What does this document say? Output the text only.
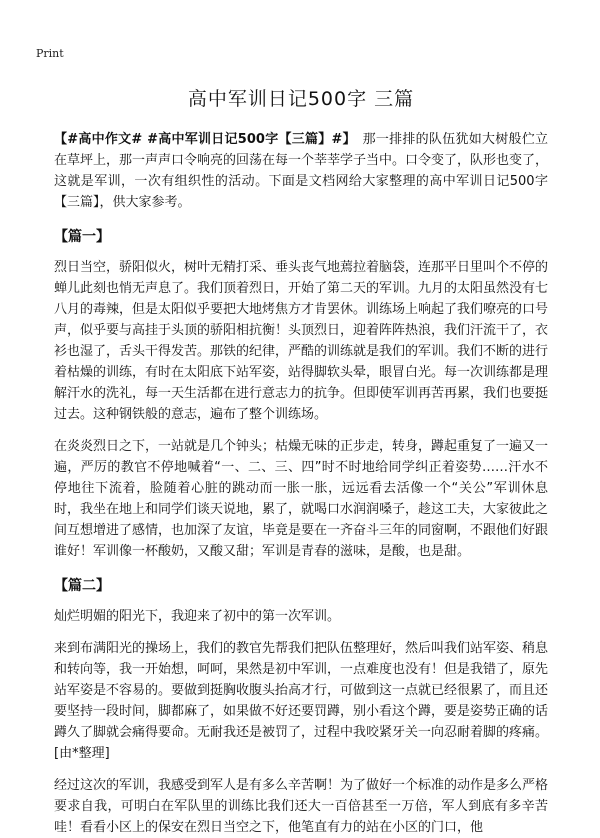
Print
高中军训日记500字 三篇
【#高中作文# #高中军训日记500字【三篇】#】　那一排排的队伍犹如大树般伫立在草坪上，那一声声口令响亮的回荡在每一个莘莘学子当中。口令变了，队形也变了，这就是军训，一次有组织性的活动。下面是文档网给大家整理的高中军训日记500字【三篇】，供大家参考。
【篇一】
烈日当空，骄阳似火，树叶无精打采、垂头丧气地蔫拉着脑袋，连那平日里叫个不停的蝉儿此刻也悄无声息了。我们顶着烈日，开始了第二天的军训。九月的太阳虽然没有七八月的毒辣，但是太阳似乎要把大地烤焦方才肯罢休。训练场上响起了我们嘹亮的口号声，似乎要与高挂于头顶的骄阳相抗衡！头顶烈日，迎着阵阵热浪，我们汗流干了，衣衫也湿了，舌头干得发苦。那铁的纪律，严酷的训练就是我们的军训。我们不断的进行着枯燥的训练，有时在太阳底下站军姿，站得脚软头晕，眼冒白光。每一次训练都是理解汗水的洗礼，每一天生活都在进行意志力的抗争。但即使军训再苦再累，我们也要挺过去。这种钢铁般的意志，遍布了整个训练场。
在炎炎烈日之下，一站就是几个钟头；枯燥无味的正步走，转身，蹲起重复了一遍又一遍，严厉的教官不停地喊着“一、二、三、四”时不时地给同学纠正着姿势……汗水不停地往下流着，脸随着心脏的跳动而一胀一胀，远远看去活像一个“关公”军训休息时，我坐在地上和同学们谈天说地，累了，就喝口水润润嗓子，趁这工夫，大家彼此之间互想增进了感情，也加深了友谊，毕竟是要在一齐奋斗三年的同窗啊，不跟他们好跟谁好！军训像一杯酸奶，又酸又甜；军训是青春的滋味，是酸，也是甜。
【篇二】
灿烂明媚的阳光下，我迎来了初中的第一次军训。
来到布满阳光的操场上，我们的教官先帮我们把队伍整理好，然后叫我们站军姿、稍息和转向等，我一开始想，呵呵，果然是初中军训，一点难度也没有！但是我错了，原先站军姿是不容易的。要做到挺胸收腹头抬高才行，可做到这一点就已经很累了，而且还要坚持一段时间，脚都麻了，如果做不好还要罚蹲，别小看这个蹲，要是姿势正确的话蹲久了脚就会痛得要命。无耐我还是被罚了，过程中我咬紧牙关一向忍耐着脚的疼痛。[由*整理]
经过这次的军训，我感受到军人是有多么辛苦啊！为了做好一个标准的动作是多么严格要求自我，可明白在军队里的训练比我们还大一百倍甚至一万倍，军人到底有多辛苦哇！看看小区上的保安在烈日当空之下，他笔直有力的站在小区的门口，他
